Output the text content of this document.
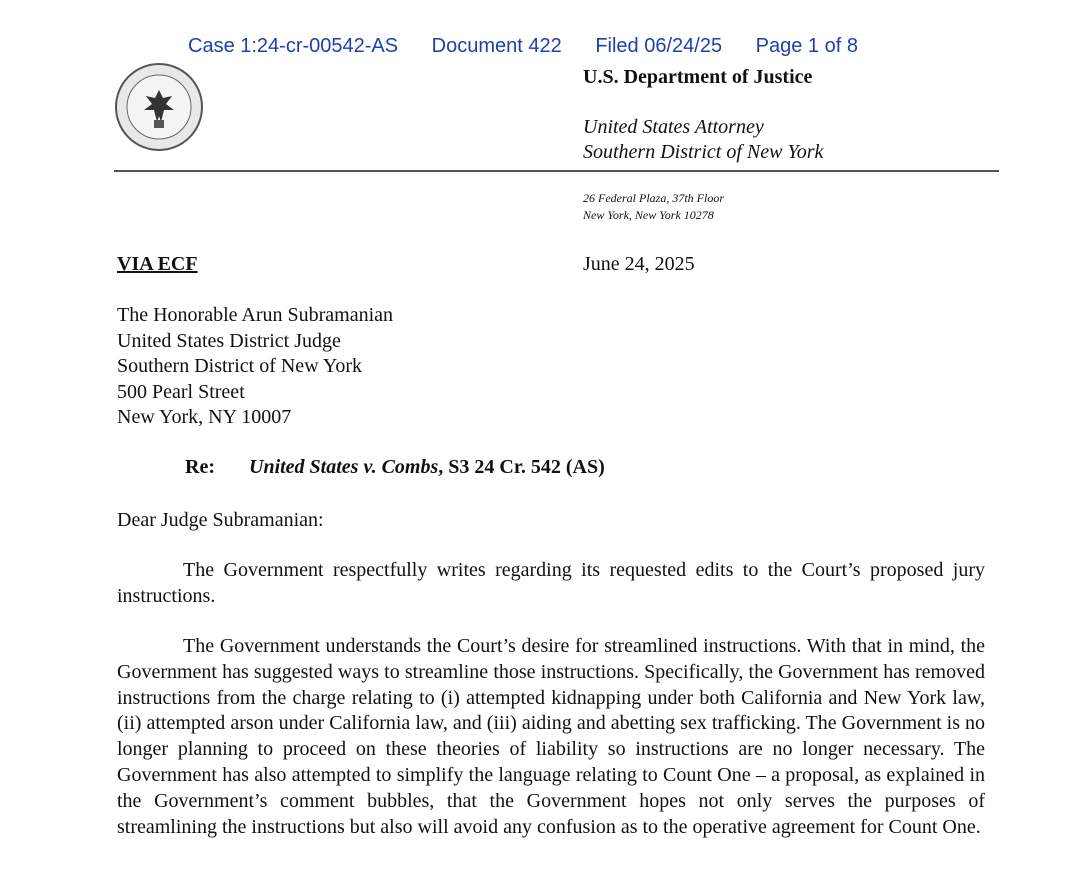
Case 1:24-cr-00542-AS Document 422 Filed 06/24/25 Page 1 of 8
U.S. Department of Justice
United States Attorney
Southern District of New York
26 Federal Plaza, 37th Floor
New York, New York 10278
VIA ECF	June 24, 2025
The Honorable Arun Subramanian
United States District Judge
Southern District of New York
500 Pearl Street
New York, NY 10007
Re: United States v. Combs, S3 24 Cr. 542 (AS)
Dear Judge Subramanian:
The Government respectfully writes regarding its requested edits to the Court’s proposed jury instructions.
The Government understands the Court’s desire for streamlined instructions. With that in mind, the Government has suggested ways to streamline those instructions. Specifically, the Government has removed instructions from the charge relating to (i) attempted kidnapping under both California and New York law, (ii) attempted arson under California law, and (iii) aiding and abetting sex trafficking. The Government is no longer planning to proceed on these theories of liability so instructions are no longer necessary. The Government has also attempted to simplify the language relating to Count One – a proposal, as explained in the Government’s comment bubbles, that the Government hopes not only serves the purposes of streamlining the instructions but also will avoid any confusion as to the operative agreement for Count One.
